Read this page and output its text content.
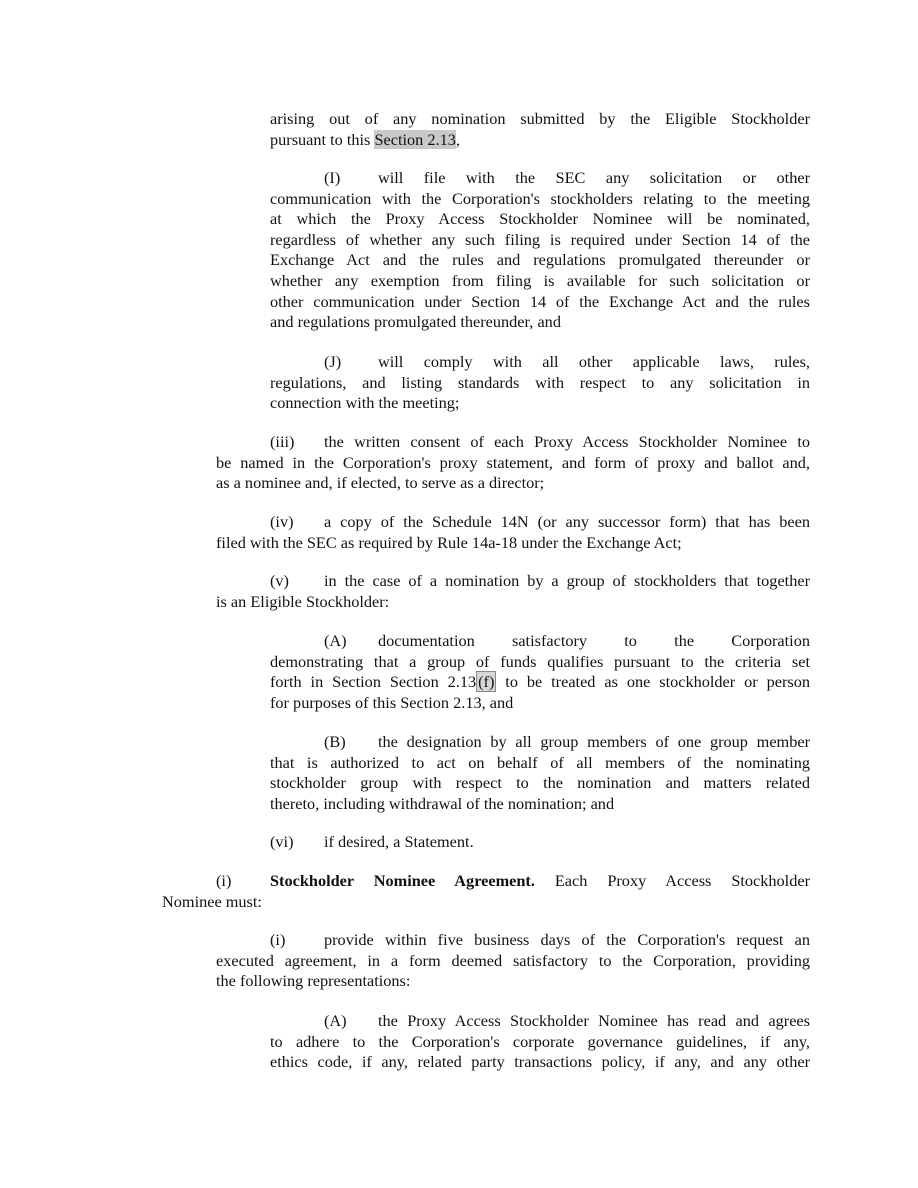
arising out of any nomination submitted by the Eligible Stockholder
pursuant to this Section 2.13,
(I) will file with the SEC any solicitation or other
communication with the Corporation's stockholders relating to the meeting
at which the Proxy Access Stockholder Nominee will be nominated,
regardless of whether any such filing is required under Section 14 of the
Exchange Act and the rules and regulations promulgated thereunder or
whether any exemption from filing is available for such solicitation or
other communication under Section 14 of the Exchange Act and the rules
and regulations promulgated thereunder, and
(J) will comply with all other applicable laws, rules,
regulations, and listing standards with respect to any solicitation in
connection with the meeting;
(iii) the written consent of each Proxy Access Stockholder Nominee to
be named in the Corporation's proxy statement, and form of proxy and ballot and,
as a nominee and, if elected, to serve as a director;
(iv) a copy of the Schedule 14N (or any successor form) that has been
filed with the SEC as required by Rule 14a-18 under the Exchange Act;
(v) in the case of a nomination by a group of stockholders that together
is an Eligible Stockholder:
(A) documentation satisfactory to the Corporation
demonstrating that a group of funds qualifies pursuant to the criteria set
forth in Section Section 2.13 (f) to be treated as one stockholder or person
for purposes of this Section 2.13, and
(B) the designation by all group members of one group member
that is authorized to act on behalf of all members of the nominating
stockholder group with respect to the nomination and matters related
thereto, including withdrawal of the nomination; and
(vi) if desired, a Statement.
(i) Stockholder Nominee Agreement. Each Proxy Access Stockholder
Nominee must:
(i) provide within five business days of the Corporation's request an
executed agreement, in a form deemed satisfactory to the Corporation, providing
the following representations:
(A) the Proxy Access Stockholder Nominee has read and agrees
to adhere to the Corporation's corporate governance guidelines, if any,
ethics code, if any, related party transactions policy, if any, and any other
